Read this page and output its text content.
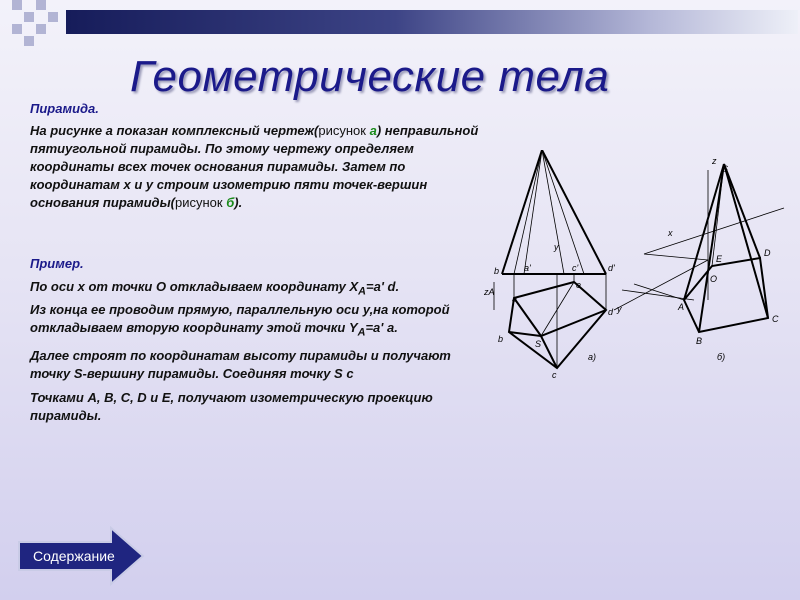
Геометрические тела
Пирамида.
На рисунке а показан комплексный чертеж(рисунок а) неправильной пятиугольной пирамиды. По этому чертежу определяем координаты всех точек основания пирамиды. Затем по координатам x и y строим изометрию пяти точек-вершин основания пирамиды(рисунок б).
Пример.

По оси x от точки О откладываем координату $X_A=a'$ d.

Из конца ее проводим прямую, параллельную оси y,на которой откладываем вторую координату этой точки $Y_A=a'$ a.

Далее строят по координатам высоту пирамиды и получают точку S-вершину пирамиды. Соединяя точку S с

Точками A, B, C, D и E, получают изометрическую проекцию пирамиды.

b	a'	c'	d'
y
zA
a
e
d
b	S
c
а)	б)
z
S
x
y	A
B
C
D
E
O
Содержание
